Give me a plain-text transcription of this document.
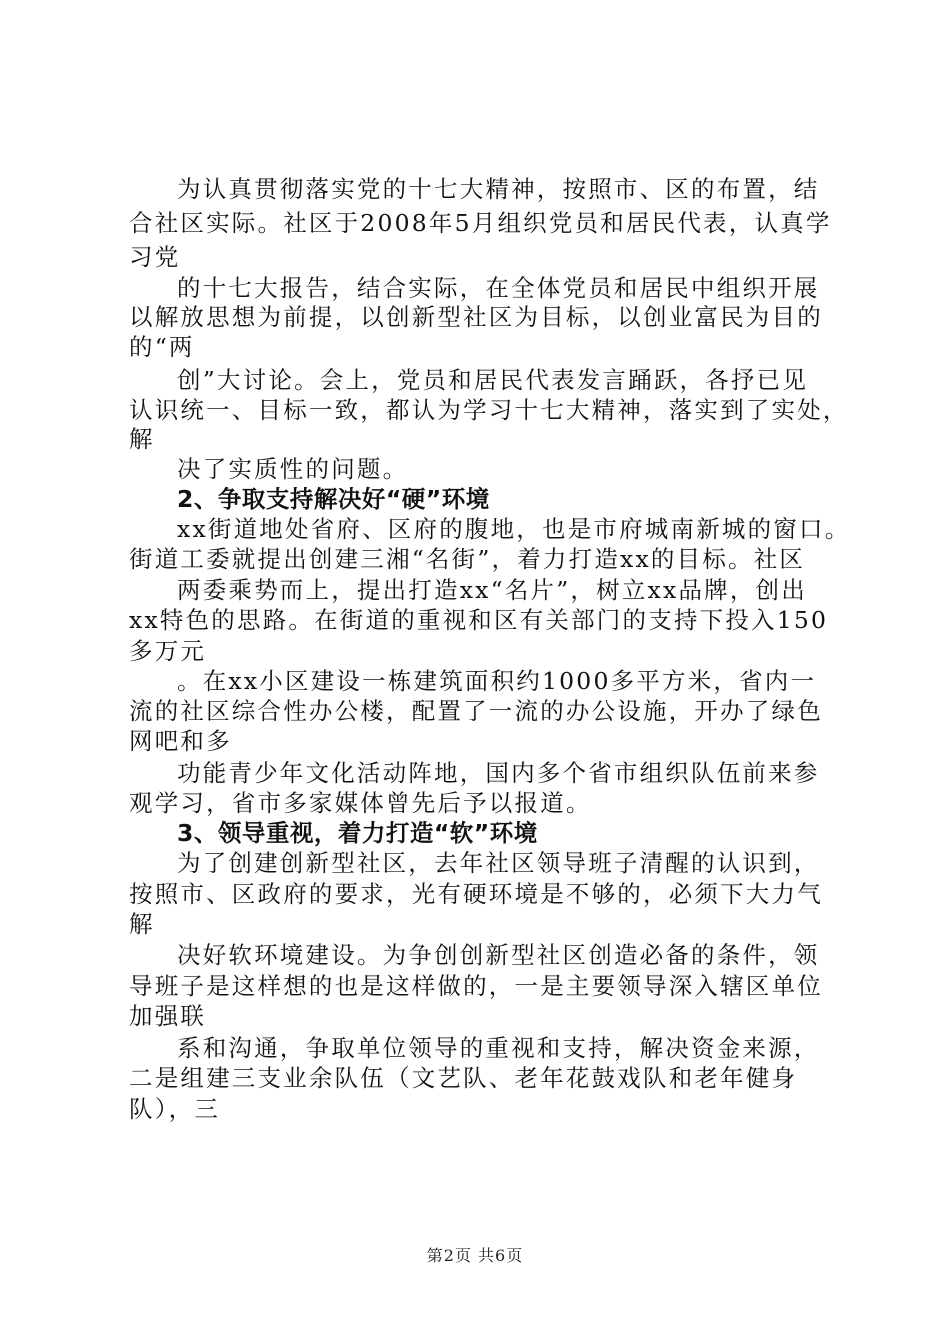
为认真贯彻落实党的十七大精神，按照市、区的布置，结
合社区实际。社区于2008年5月组织党员和居民代表，认真学
习党
的十七大报告，结合实际，在全体党员和居民中组织开展
以解放思想为前提，以创新型社区为目标，以创业富民为目的
的“两
创”大讨论。会上，党员和居民代表发言踊跃，各抒已见
认识统一、目标一致，都认为学习十七大精神，落实到了实处，
解
决了实质性的问题。
2、争取支持解决好“硬”环境
xx街道地处省府、区府的腹地，也是市府城南新城的窗口。
街道工委就提出创建三湘“名街”，着力打造xx的目标。社区
两委乘势而上，提出打造xx“名片”，树立xx品牌，创出
xx特色的思路。在街道的重视和区有关部门的支持下投入150
多万元
。在xx小区建设一栋建筑面积约1000多平方米，省内一
流的社区综合性办公楼，配置了一流的办公设施，开办了绿色
网吧和多
功能青少年文化活动阵地，国内多个省市组织队伍前来参
观学习，省市多家媒体曾先后予以报道。
3、领导重视，着力打造“软”环境
为了创建创新型社区，去年社区领导班子清醒的认识到，
按照市、区政府的要求，光有硬环境是不够的，必须下大力气
解
决好软环境建设。为争创创新型社区创造必备的条件，领
导班子是这样想的也是这样做的，一是主要领导深入辖区单位
加强联
系和沟通，争取单位领导的重视和支持，解决资金来源，
二是组建三支业余队伍（文艺队、老年花鼓戏队和老年健身
队），三
第2页 共6页
